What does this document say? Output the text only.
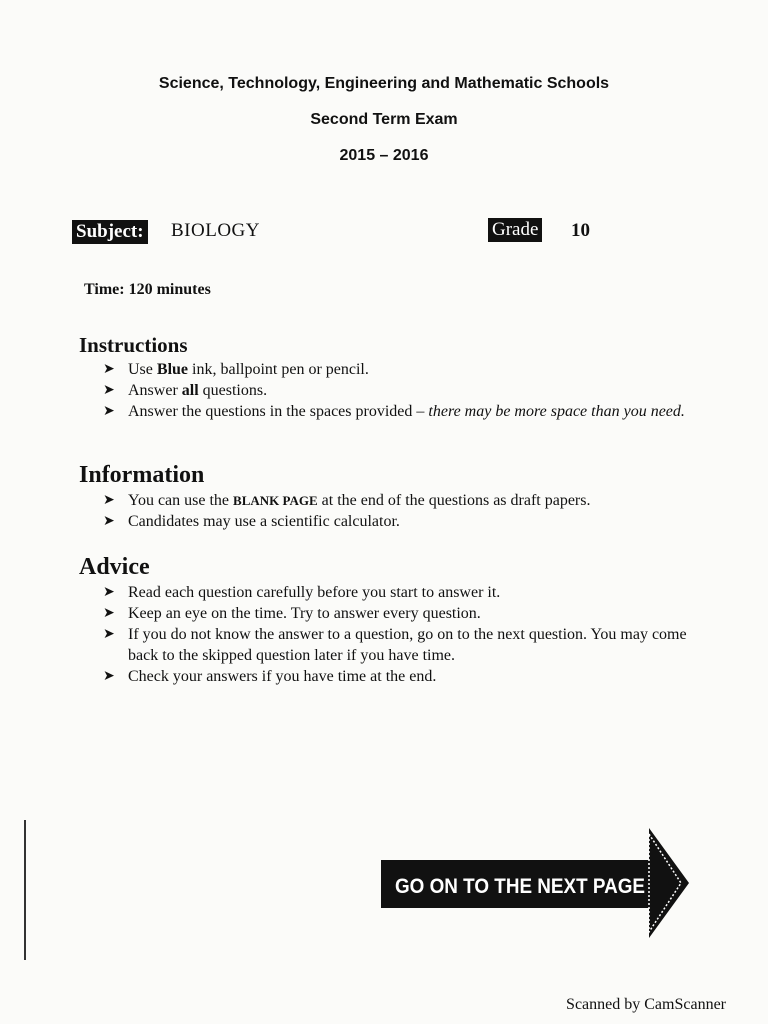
Science, Technology, Engineering and Mathematic Schools
Second Term Exam
2015 – 2016
Subject: BIOLOGY	Grade 10
Time: 120 minutes
Instructions
➤ Use Blue ink, ballpoint pen or pencil.
➤ Answer all questions.
➤ Answer the questions in the spaces provided – there may be more space than you need.
Information
➤ You can use the BLANK PAGE at the end of the questions as draft papers.
➤ Candidates may use a scientific calculator.
Advice
➤ Read each question carefully before you start to answer it.
➤ Keep an eye on the time. Try to answer every question.
➤ If you do not know the answer to a question, go on to the next question. You may come back to the skipped question later if you have time.
➤ Check your answers if you have time at the end.
GO ON TO THE NEXT PAGE
Scanned by CamScanner
